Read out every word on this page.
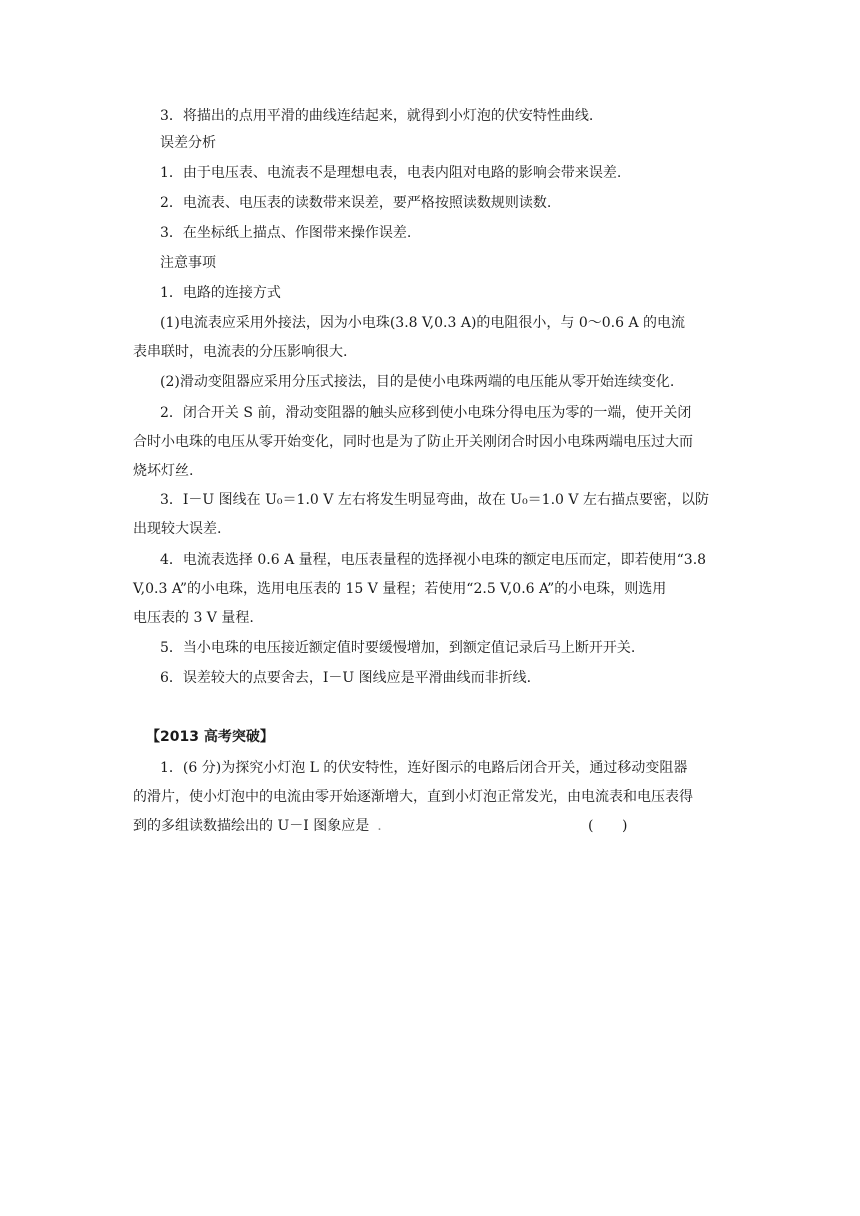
3．将描出的点用平滑的曲线连结起来，就得到小灯泡的伏安特性曲线.
误差分析
1．由于电压表、电流表不是理想电表，电表内阻对电路的影响会带来误差.
2．电流表、电压表的读数带来误差，要严格按照读数规则读数.
3．在坐标纸上描点、作图带来操作误差.
注意事项
1．电路的连接方式
(1)电流表应采用外接法，因为小电珠(3.8 V,0.3 A)的电阻很小，与 0～0.6 A 的电流
表串联时，电流表的分压影响很大.
(2)滑动变阻器应采用分压式接法，目的是使小电珠两端的电压能从零开始连续变化.
2．闭合开关 S 前，滑动变阻器的触头应移到使小电珠分得电压为零的一端，使开关闭
合时小电珠的电压从零开始变化，同时也是为了防止开关刚闭合时因小电珠两端电压过大而
烧坏灯丝.
3．I－U 图线在 U₀＝1.0 V 左右将发生明显弯曲，故在 U₀＝1.0 V 左右描点要密，以防
出现较大误差.
4．电流表选择 0.6 A 量程，电压表量程的选择视小电珠的额定电压而定，即若使用“3.8
V,0.3 A”的小电珠，选用电压表的 15 V 量程；若使用“2.5 V,0.6 A”的小电珠，则选用
电压表的 3 V 量程.
5．当小电珠的电压接近额定值时要缓慢增加，到额定值记录后马上断开开关.
6．误差较大的点要舍去，I－U 图线应是平滑曲线而非折线.
【2013 高考突破】
1．(6 分)为探究小灯泡 L 的伏安特性，连好图示的电路后闭合开关，通过移动变阻器
的滑片，使小灯泡中的电流由零开始逐渐增大，直到小灯泡正常发光，由电流表和电压表得
到的多组读数描绘出的 U－I 图象应是 .	( )
